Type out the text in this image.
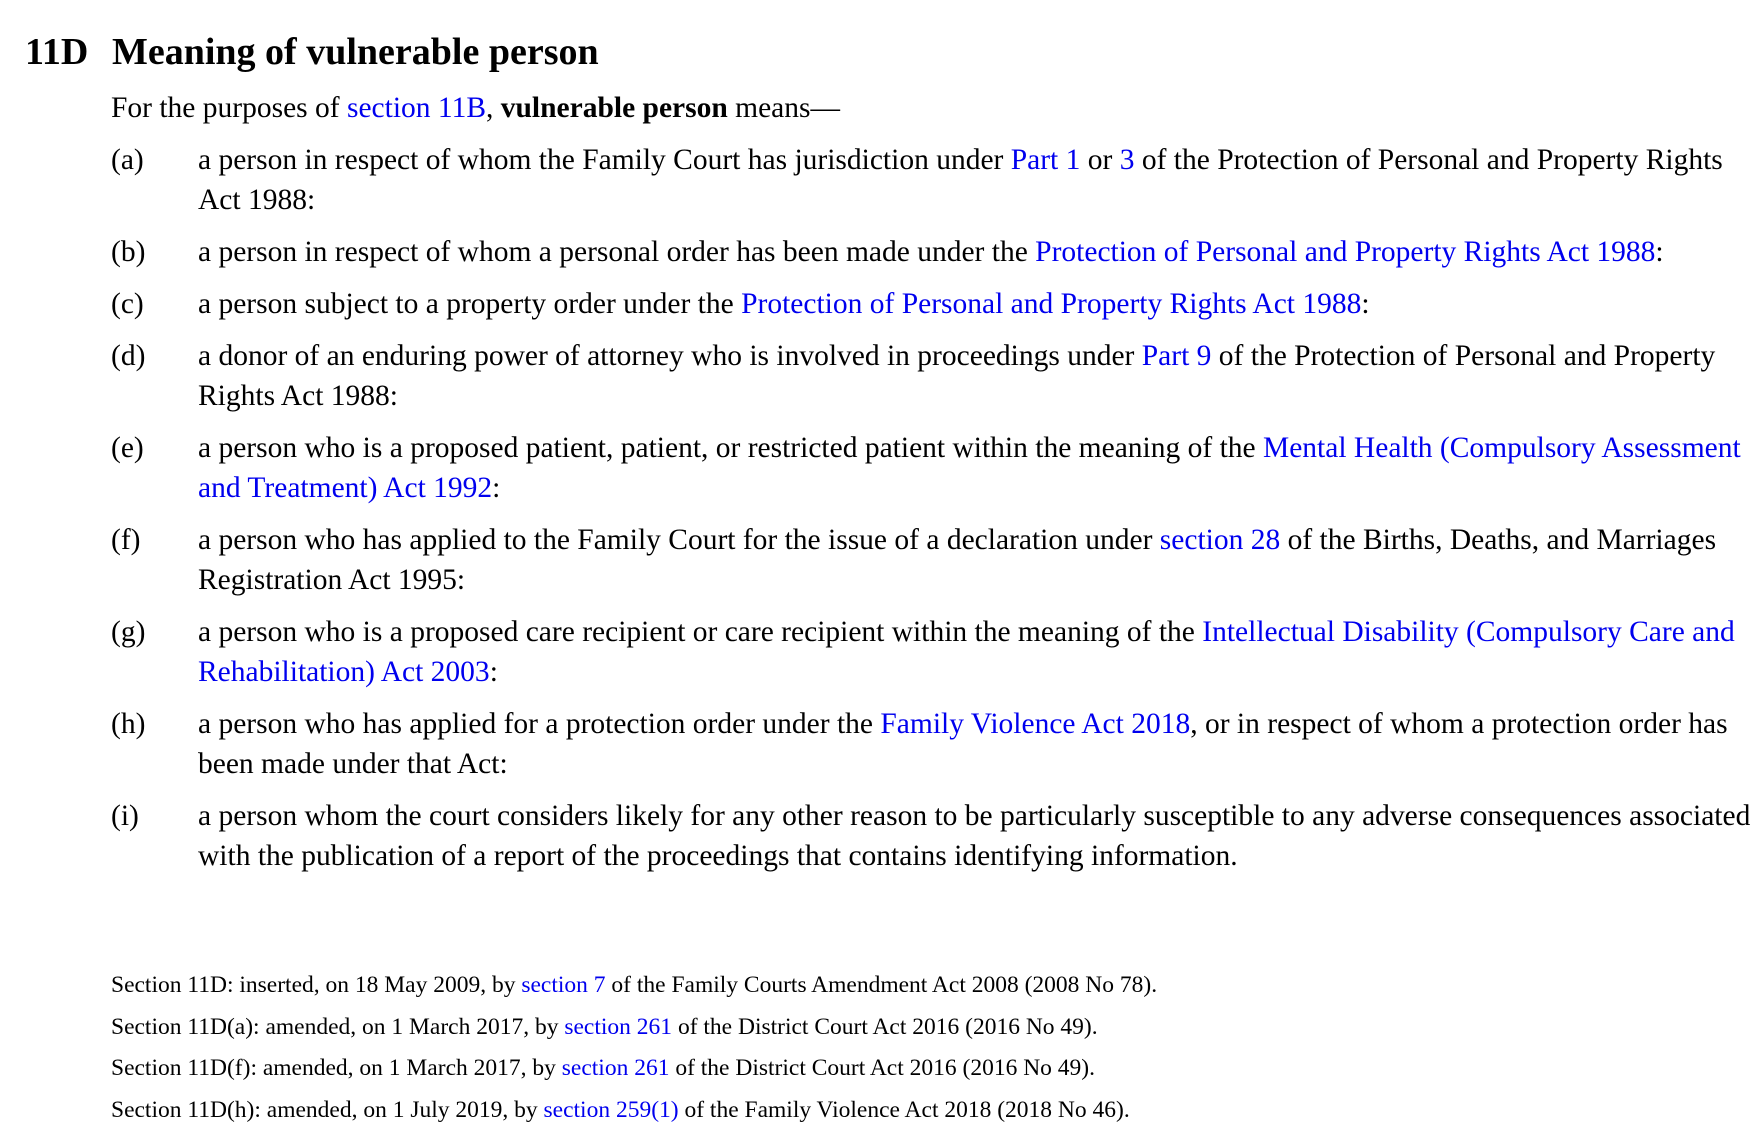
11D Meaning of vulnerable person
For the purposes of section 11B, vulnerable person means—
(a)	a person in respect of whom the Family Court has jurisdiction under Part 1 or 3 of the Protection of Personal and Property Rights Act 1988:
(b)	a person in respect of whom a personal order has been made under the Protection of Personal and Property Rights Act 1988:
(c)	a person subject to a property order under the Protection of Personal and Property Rights Act 1988:
(d)	a donor of an enduring power of attorney who is involved in proceedings under Part 9 of the Protection of Personal and Property Rights Act 1988:
(e)	a person who is a proposed patient, patient, or restricted patient within the meaning of the Mental Health (Compulsory Assessment and Treatment) Act 1992:
(f)	a person who has applied to the Family Court for the issue of a declaration under section 28 of the Births, Deaths, and Marriages Registration Act 1995:
(g)	a person who is a proposed care recipient or care recipient within the meaning of the Intellectual Disability (Compulsory Care and Rehabilitation) Act 2003:
(h)	a person who has applied for a protection order under the Family Violence Act 2018, or in respect of whom a protection order has been made under that Act:
(i)	a person whom the court considers likely for any other reason to be particularly susceptible to any adverse consequences associated with the publication of a report of the proceedings that contains identifying information.
Section 11D: inserted, on 18 May 2009, by section 7 of the Family Courts Amendment Act 2008 (2008 No 78).
Section 11D(a): amended, on 1 March 2017, by section 261 of the District Court Act 2016 (2016 No 49).
Section 11D(f): amended, on 1 March 2017, by section 261 of the District Court Act 2016 (2016 No 49).
Section 11D(h): amended, on 1 July 2019, by section 259(1) of the Family Violence Act 2018 (2018 No 46).
